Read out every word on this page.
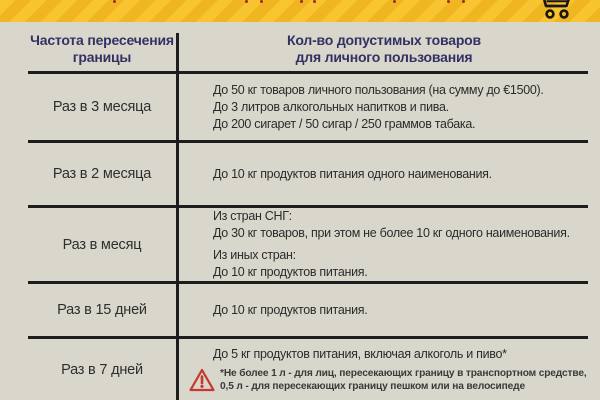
Частота пересечения
границы
Кол-во допустимых товаров
для личного пользования
Раз в 3 месяца
До 50 кг товаров личного пользования (на сумму до €1500).
До 3 литров алкогольных напитков и пива.
До 200 сигарет / 50 сигар / 250 граммов табака.
Раз в 2 месяца	До 10 кг продуктов питания одного наименования.
Раз в месяц
Из стран СНГ:
До 30 кг товаров, при этом не более 10 кг одного наименования.
Из иных стран:
До 10 кг продуктов питания.
Раз в 15 дней	До 10 кг продуктов питания.
Раз в 7 дней
До 5 кг продуктов питания, включая алкоголь и пиво*
*Не более 1 л - для лиц, пересекающих границу в транспортном средстве,
0,5 л - для пересекающих границу пешком или на велосипеде
